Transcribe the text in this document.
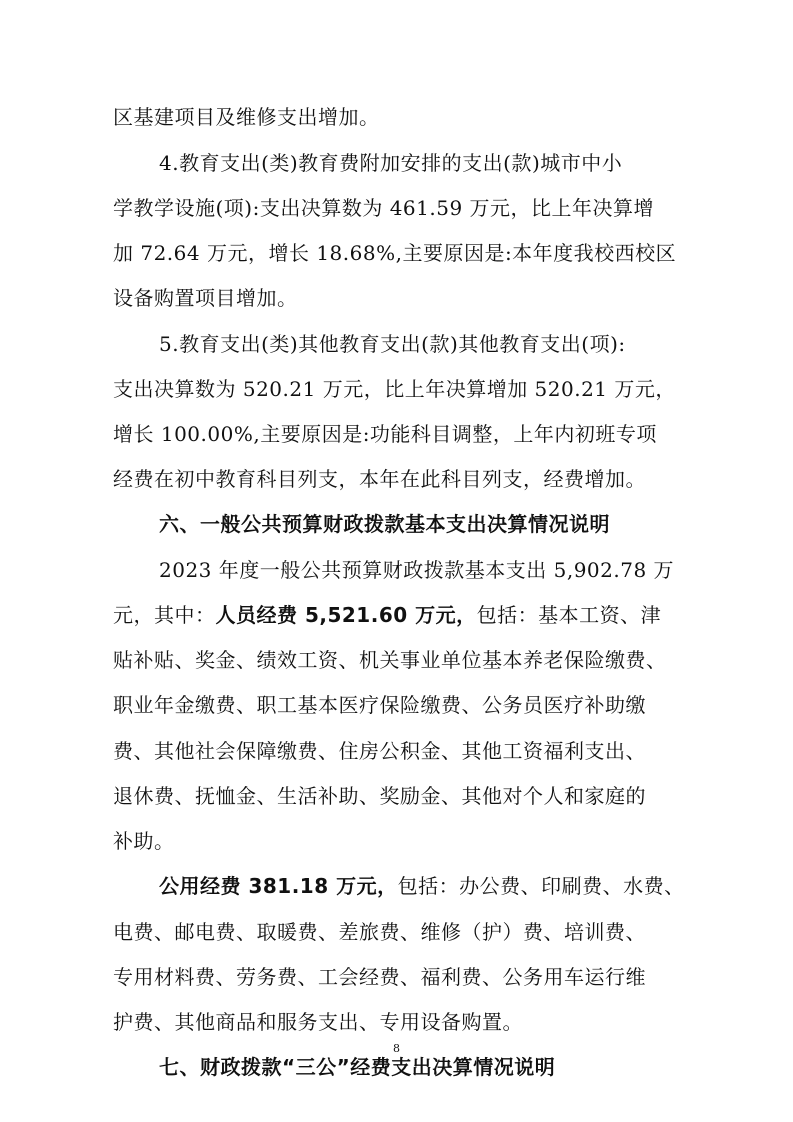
区基建项目及维修支出增加。
4.教育支出(类)教育费附加安排的支出(款)城市中小
学教学设施(项):支出决算数为 461.59 万元，比上年决算增
加 72.64 万元，增长 18.68%,主要原因是:本年度我校西校区
设备购置项目增加。
5.教育支出(类)其他教育支出(款)其他教育支出(项):
支出决算数为 520.21 万元，比上年决算增加 520.21 万元，
增长 100.00%,主要原因是:功能科目调整，上年内初班专项
经费在初中教育科目列支，本年在此科目列支，经费增加。
六、一般公共预算财政拨款基本支出决算情况说明
2023 年度一般公共预算财政拨款基本支出 5,902.78 万
元，其中：人员经费 5,521.60 万元，包括：基本工资、津
贴补贴、奖金、绩效工资、机关事业单位基本养老保险缴费、
职业年金缴费、职工基本医疗保险缴费、公务员医疗补助缴
费、其他社会保障缴费、住房公积金、其他工资福利支出、
退休费、抚恤金、生活补助、奖励金、其他对个人和家庭的
补助。
公用经费 381.18 万元，包括：办公费、印刷费、水费、
电费、邮电费、取暖费、差旅费、维修（护）费、培训费、
专用材料费、劳务费、工会经费、福利费、公务用车运行维
护费、其他商品和服务支出、专用设备购置。
七、财政拨款“三公”经费支出决算情况说明
8
